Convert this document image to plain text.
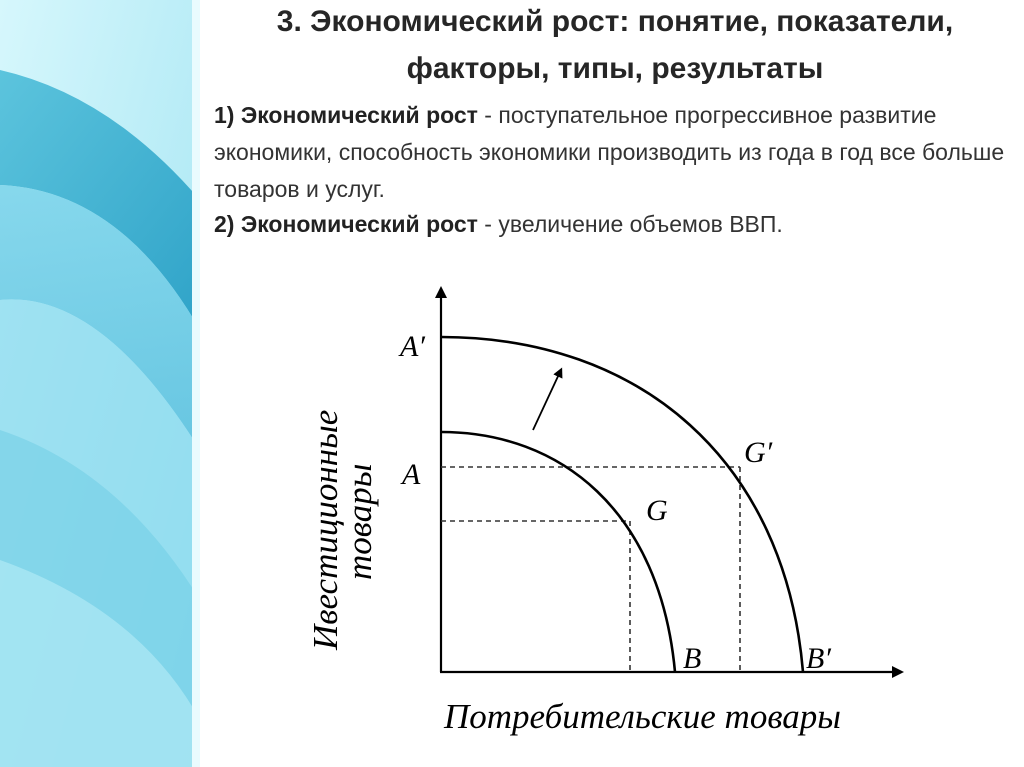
3. Экономический рост: понятие, показатели,
факторы, типы, результаты
1) Экономический рост - поступательное прогрессивное развитие экономики, способность экономики производить из года в год все больше товаров и услуг.
2) Экономический рост - увеличение объемов ВВП.
A′
A
G
G′
B	B′
Потребительские товары
Ивестиционные
товары
